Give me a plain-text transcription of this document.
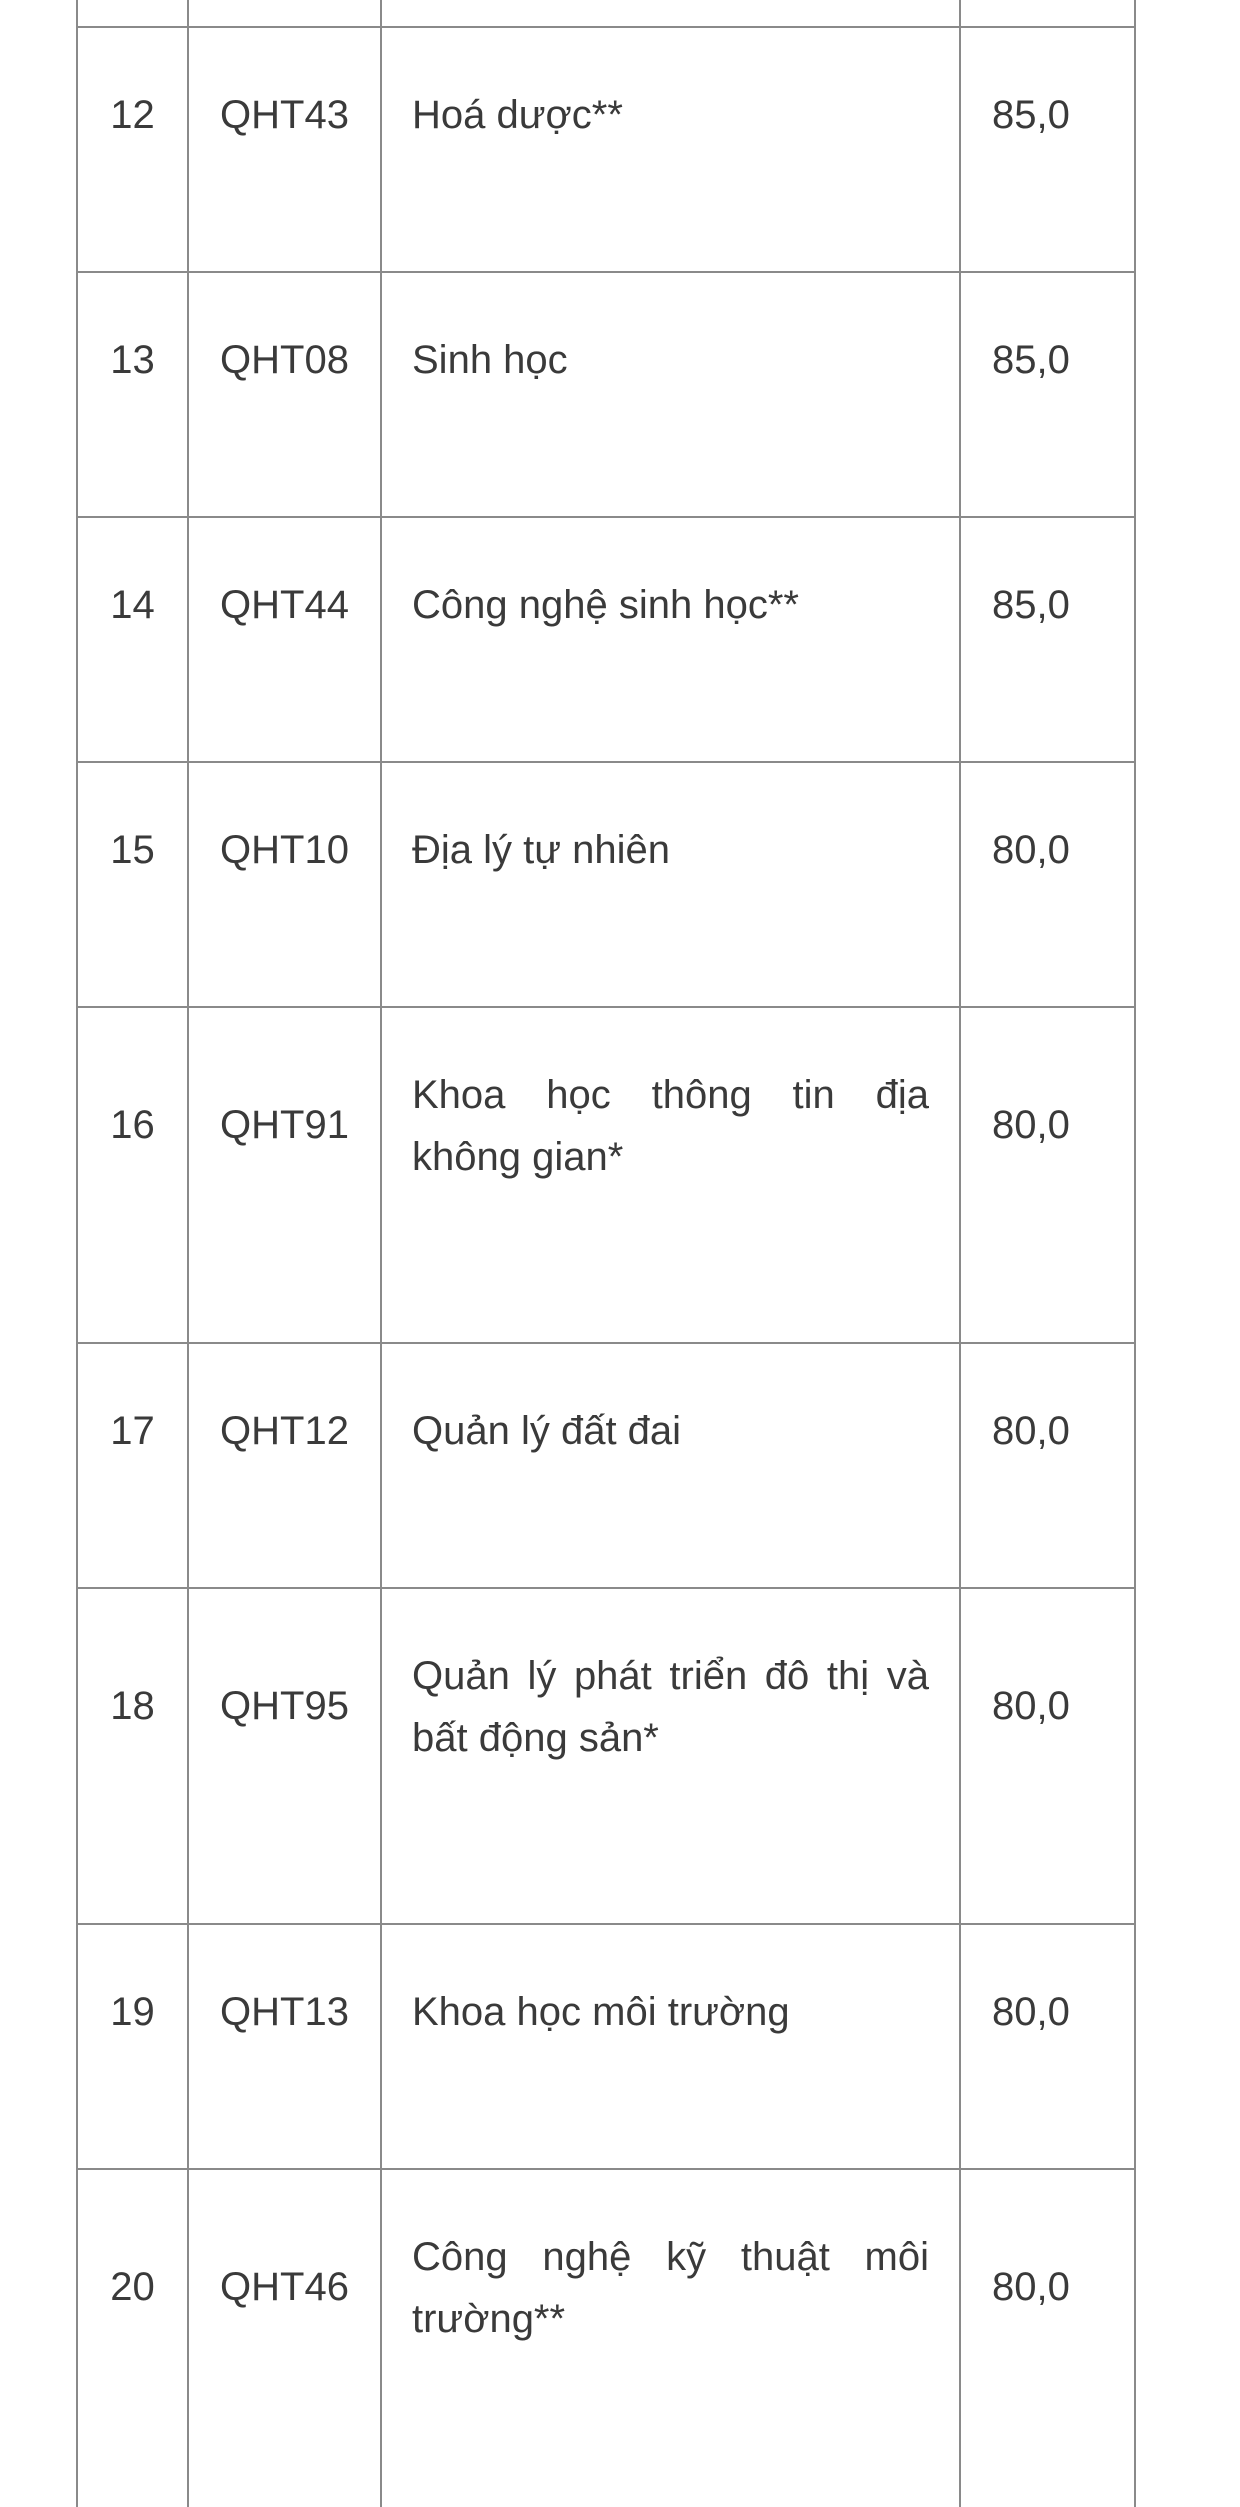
12	QHT43	Hoá dược**	85,0
13	QHT08	Sinh học	85,0
14	QHT44	Công nghệ sinh học**	85,0
15	QHT10	Địa lý tự nhiên	80,0
16	QHT91	Khoa học thông tin địa không gian*	80,0
17	QHT12	Quản lý đất đai	80,0
18	QHT95	Quản lý phát triển đô thị và bất động sản*	80,0
19	QHT13	Khoa học môi trường	80,0
20	QHT46	Công nghệ kỹ thuật môi trường**	80,0
